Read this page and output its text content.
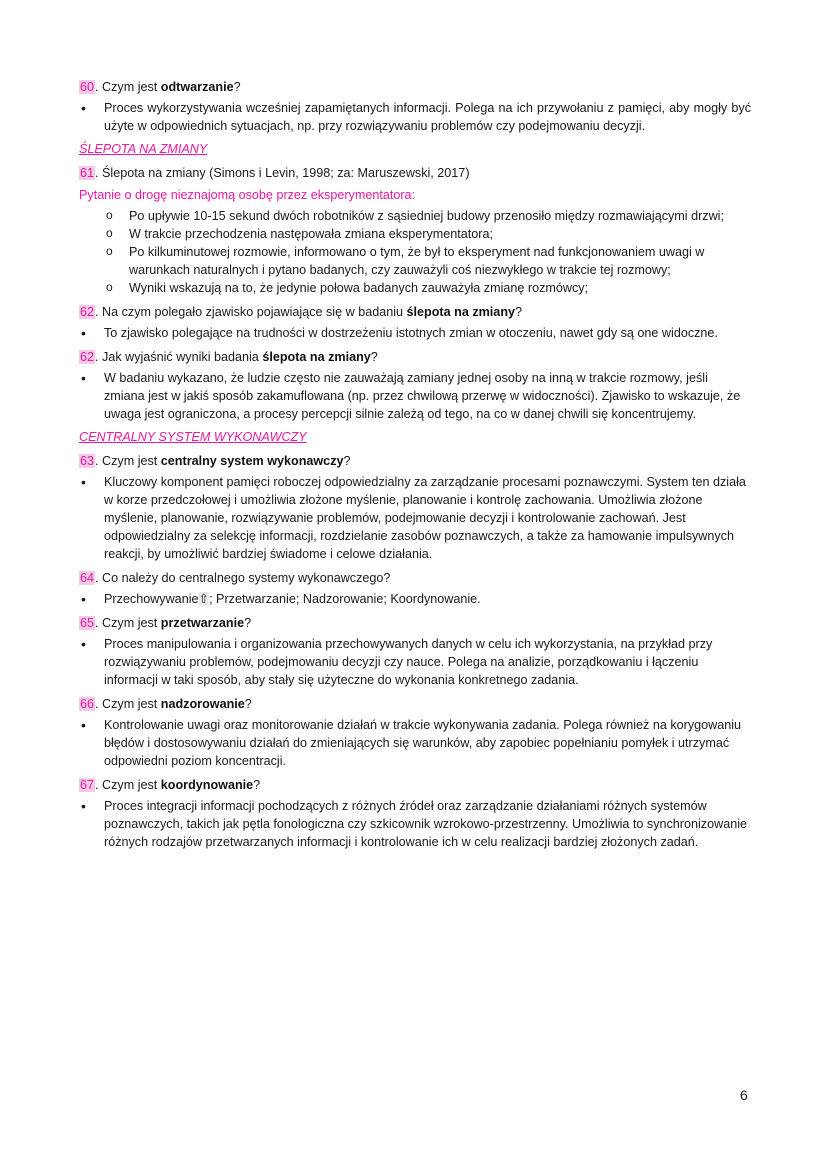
60. Czym jest odtwarzanie?

• Proces wykorzystywania wcześniej zapamiętanych informacji. Polega na ich przywołaniu z pamięci, aby mogły być użyte w odpowiednich sytuacjach, np. przy rozwiązywaniu problemów czy podejmowaniu decyzji.

ŚLEPOTA NA ZMIANY

61. Ślepota na zmiany (Simons i Levin, 1998; za: Maruszewski, 2017)

Pytanie o drogę nieznajomą osobę przez eksperymentatora:

o Po upływie 10-15 sekund dwóch robotników z sąsiedniej budowy przenosiło między rozmawiającymi drzwi;
o W trakcie przechodzenia następowała zmiana eksperymentatora;
o Po kilkuminutowej rozmowie, informowano o tym, że był to eksperyment nad funkcjonowaniem uwagi w warunkach naturalnych i pytano badanych, czy zauważyli coś niezwykłego w trakcie tej rozmowy;
o Wyniki wskazują na to, że jedynie połowa badanych zauważyła zmianę rozmówcy;

62. Na czym polegało zjawisko pojawiające się w badaniu ślepota na zmiany?

• To zjawisko polegające na trudności w dostrzeżeniu istotnych zmian w otoczeniu, nawet gdy są one widoczne.

62. Jak wyjaśnić wyniki badania ślepota na zmiany?

• W badaniu wykazano, że ludzie często nie zauważają zamiany jednej osoby na inną w trakcie rozmowy, jeśli zmiana jest w jakiś sposób zakamuflowana (np. przez chwilową przerwę w widoczności). Zjawisko to wskazuje, że uwaga jest ograniczona, a procesy percepcji silnie zależą od tego, na co w danej chwili się koncentrujemy.

CENTRALNY SYSTEM WYKONAWCZY

63. Czym jest centralny system wykonawczy?

• Kluczowy komponent pamięci roboczej odpowiedzialny za zarządzanie procesami poznawczymi. System ten działa w korze przedczołowej i umożliwia złożone myślenie, planowanie i kontrolę zachowania. Umożliwia złożone myślenie, planowanie, rozwiązywanie problemów, podejmowanie decyzji i kontrolowanie zachowań. Jest odpowiedzialny za selekcję informacji, rozdzielanie zasobów poznawczych, a także za hamowanie impulsywnych reakcji, by umożliwić bardziej świadome i celowe działania.

64. Co należy do centralnego systemy wykonawczego?

• Przechowywanie⇧; Przetwarzanie; Nadzorowanie; Koordynowanie.

65. Czym jest przetwarzanie?

• Proces manipulowania i organizowania przechowywanych danych w celu ich wykorzystania, na przykład przy rozwiązywaniu problemów, podejmowaniu decyzji czy nauce. Polega na analizie, porządkowaniu i łączeniu informacji w taki sposób, aby stały się użyteczne do wykonania konkretnego zadania.

66. Czym jest nadzorowanie?

• Kontrolowanie uwagi oraz monitorowanie działań w trakcie wykonywania zadania. Polega również na korygowaniu błędów i dostosowywaniu działań do zmieniających się warunków, aby zapobiec popełnianiu pomyłek i utrzymać odpowiedni poziom koncentracji.

67. Czym jest koordynowanie?

• Proces integracji informacji pochodzących z różnych źródeł oraz zarządzanie działaniami różnych systemów poznawczych, takich jak pętla fonologiczna czy szkicownik wzrokowo-przestrzenny. Umożliwia to synchronizowanie różnych rodzajów przetwarzanych informacji i kontrolowanie ich w celu realizacji bardziej złożonych zadań.
6
